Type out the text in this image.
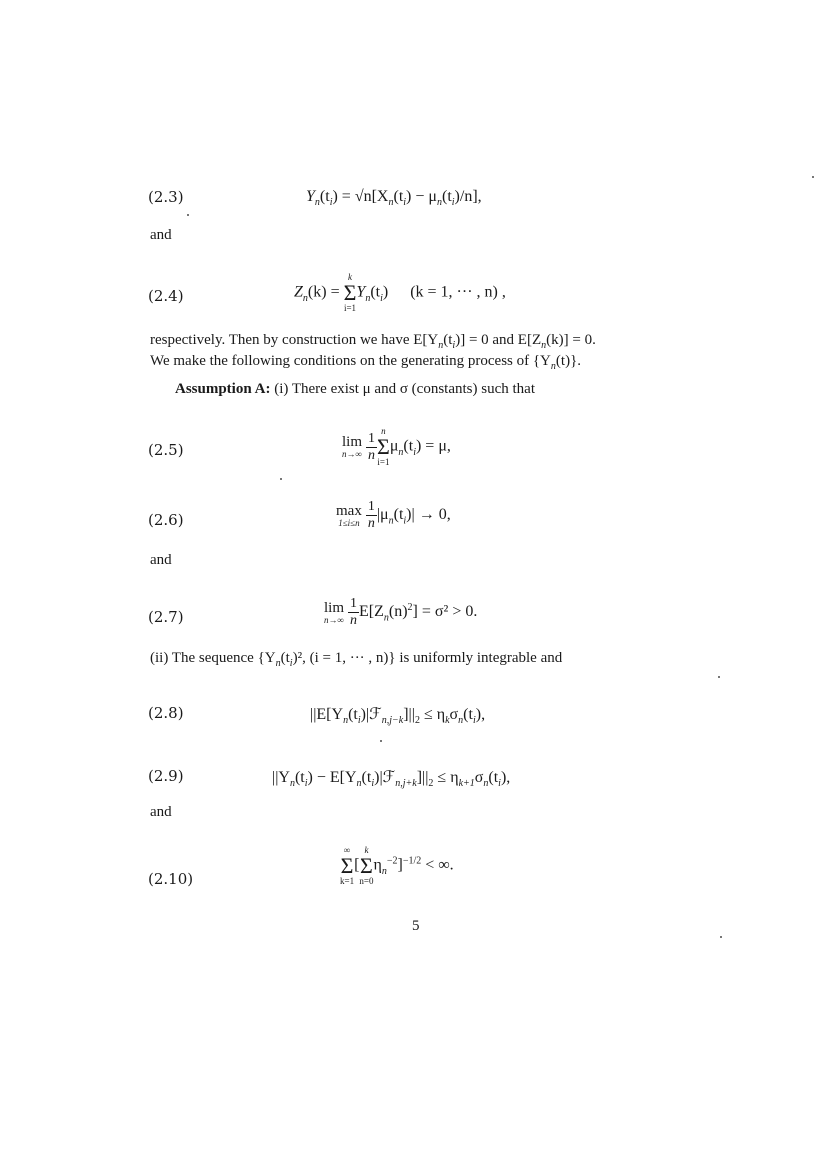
(2.3)	$Y_n(t_i) = √n[X_n(t_i) - \mu_n(t_i)/n]$,
and
(2.4)	$Z_n(k)$ =
k
Σ
i=1
$Y_n(t_i) (k = 1$, ··· , n) ,
respectively. Then by construction we have $E[Y_n(t_i)] = 0$ and $E[Z_n(k)] = 0$.
We make the following conditions on the generating process of $\{Y_n(t)\}$.
Assumption A: (i) There exist μ and σ (constants) such that
(2.5)	lim
n→∞
$\frac{1}{n}$ n
Σ
i=1
$\mu_n(t_i) = \mu$,
(2.6)
max
1≤i≤n
$\frac{1}{n} |\mu_n(t_i)| \to 0$,
and
(2.7)
lim
n→∞
$\frac{1}{n} E[Z_n(n)^2] = \sigma^2 > 0$.
(ii) The sequence {$Y_n(t_i)^2$, (i = 1, ··· , n)} is uniformly integrable and
(2.8)	$||E[Y_n(t_i)|ℱ_{n,j-k}]||_2 \le \eta_k\sigma_n(t_i)$,
(2.9)	$||Y_n(t_i)$ − $E[Y_n(t_i)|ℱ_{n,j+k}]||_2 \le \eta_{k+1}\sigma_n(t_i)$,
and
(2.10)
∞
Σ
k=1
[
k
Σ
n=0
$\eta_n^{-2}]^{-1/2}$ < ∞.
5
